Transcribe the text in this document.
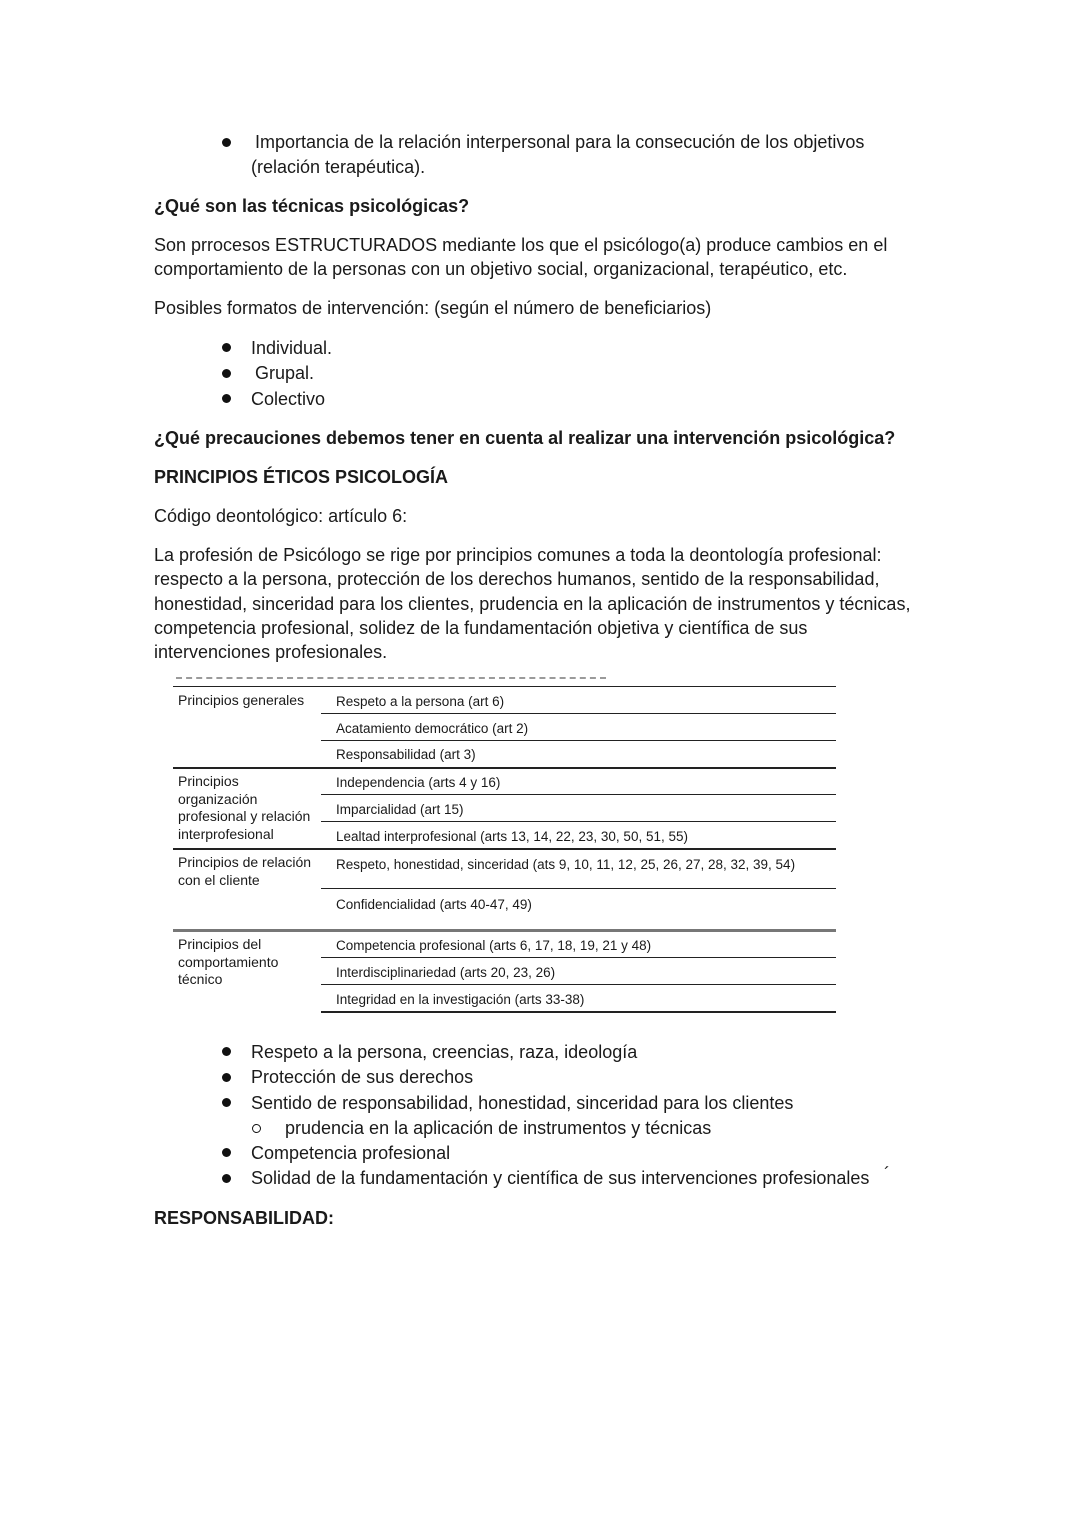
Importancia de la relación interpersonal para la consecución de los objetivos
(relación terapéutica).
¿Qué son las técnicas psicológicas?
Son prrocesos ESTRUCTURADOS mediante los que el psicólogo(a) produce cambios en el
comportamiento de la personas con un objetivo social, organizacional, terapéutico, etc.
Posibles formatos de intervención: (según el número de beneficiarios)
Individual.
Grupal.
Colectivo
¿Qué precauciones debemos tener en cuenta al realizar una intervención psicológica?
PRINCIPIOS ÉTICOS PSICOLOGÍA
Código deontológico: artículo 6:
La profesión de Psicólogo se rige por principios comunes a toda la deontología profesional:
respecto a la persona, protección de los derechos humanos, sentido de la responsabilidad,
honestidad, sinceridad para los clientes, prudencia en la aplicación de instrumentos y técnicas,
competencia profesional, solidez de la fundamentación objetiva y científica de sus
intervenciones profesionales.
Principios generales Respeto a la persona (art 6)
Acatamiento democrático (art 2)
Responsabilidad (art 3)
Principios
organización
profesional y relación
interprofesional
Independencia (arts 4 y 16)
Imparcialidad (art 15)
Lealtad interprofesional (arts 13, 14, 22, 23, 30, 50, 51, 55)
Principios de relación
con el cliente
Respeto, honestidad, sinceridad (ats 9, 10, 11, 12, 25, 26, 27, 28, 32, 39, 54)
Confidencialidad (arts 40-47, 49)
Principios del
comportamiento
técnico
Competencia profesional (arts 6, 17, 18, 19, 21 y 48)
Interdisciplinariedad (arts 20, 23, 26)
Integridad en la investigación (arts 33-38)
Respeto a la persona, creencias, raza, ideología
Protección de sus derechos
Sentido de responsabilidad, honestidad, sinceridad para los clientes
prudencia en la aplicación de instrumentos y técnicas
Competencia profesional
Solidad de la fundamentación y científica de sus intervenciones profesionales ´
RESPONSABILIDAD:
